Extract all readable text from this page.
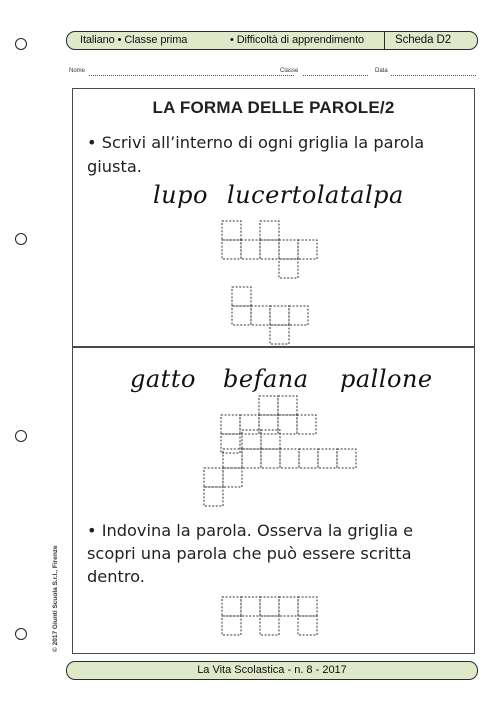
Italiano • Classe prima	• Difficoltà di apprendimento	Scheda D2
Nome	Classe	Data
LA FORMA DELLE PAROLE/2
• Scrivi all’interno di ogni griglia la parola
giusta.
lupo lucertola talpa
gatto befana pallone
• Indovina la parola. Osserva la griglia e
scopri una parola che può essere scritta
dentro.
© 2017 Giunti Scuola S.r.l., Firenze
La Vita Scolastica - n. 8 - 2017
